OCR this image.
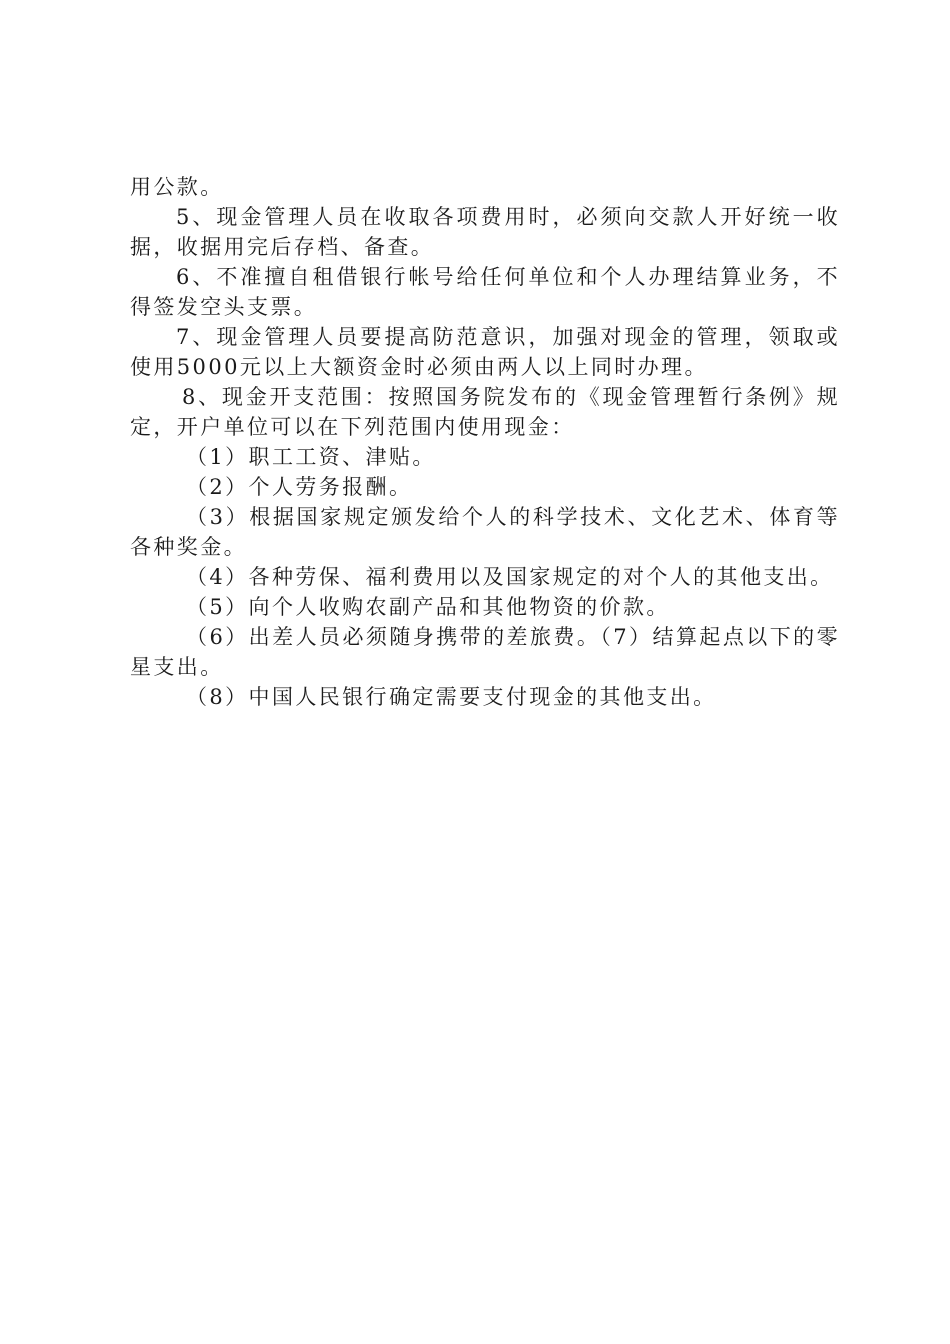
用公款。

5、现金管理人员在收取各项费用时，必须向交款人开好统一收据，收据用完后存档、备查。

6、不准擅自租借银行帐号给任何单位和个人办理结算业务，不得签发空头支票。

7、现金管理人员要提高防范意识，加强对现金的管理，领取或使用5000元以上大额资金时必须由两人以上同时办理。

8、现金开支范围：按照国务院发布的《现金管理暂行条例》规定，开户单位可以在下列范围内使用现金：

（1）职工工资、津贴。

（2）个人劳务报酬。

（3）根据国家规定颁发给个人的科学技术、文化艺术、体育等各种奖金。

（4）各种劳保、福利费用以及国家规定的对个人的其他支出。

（5）向个人收购农副产品和其他物资的价款。

（6）出差人员必须随身携带的差旅费。（7）结算起点以下的零星支出。

（8）中国人民银行确定需要支付现金的其他支出。
